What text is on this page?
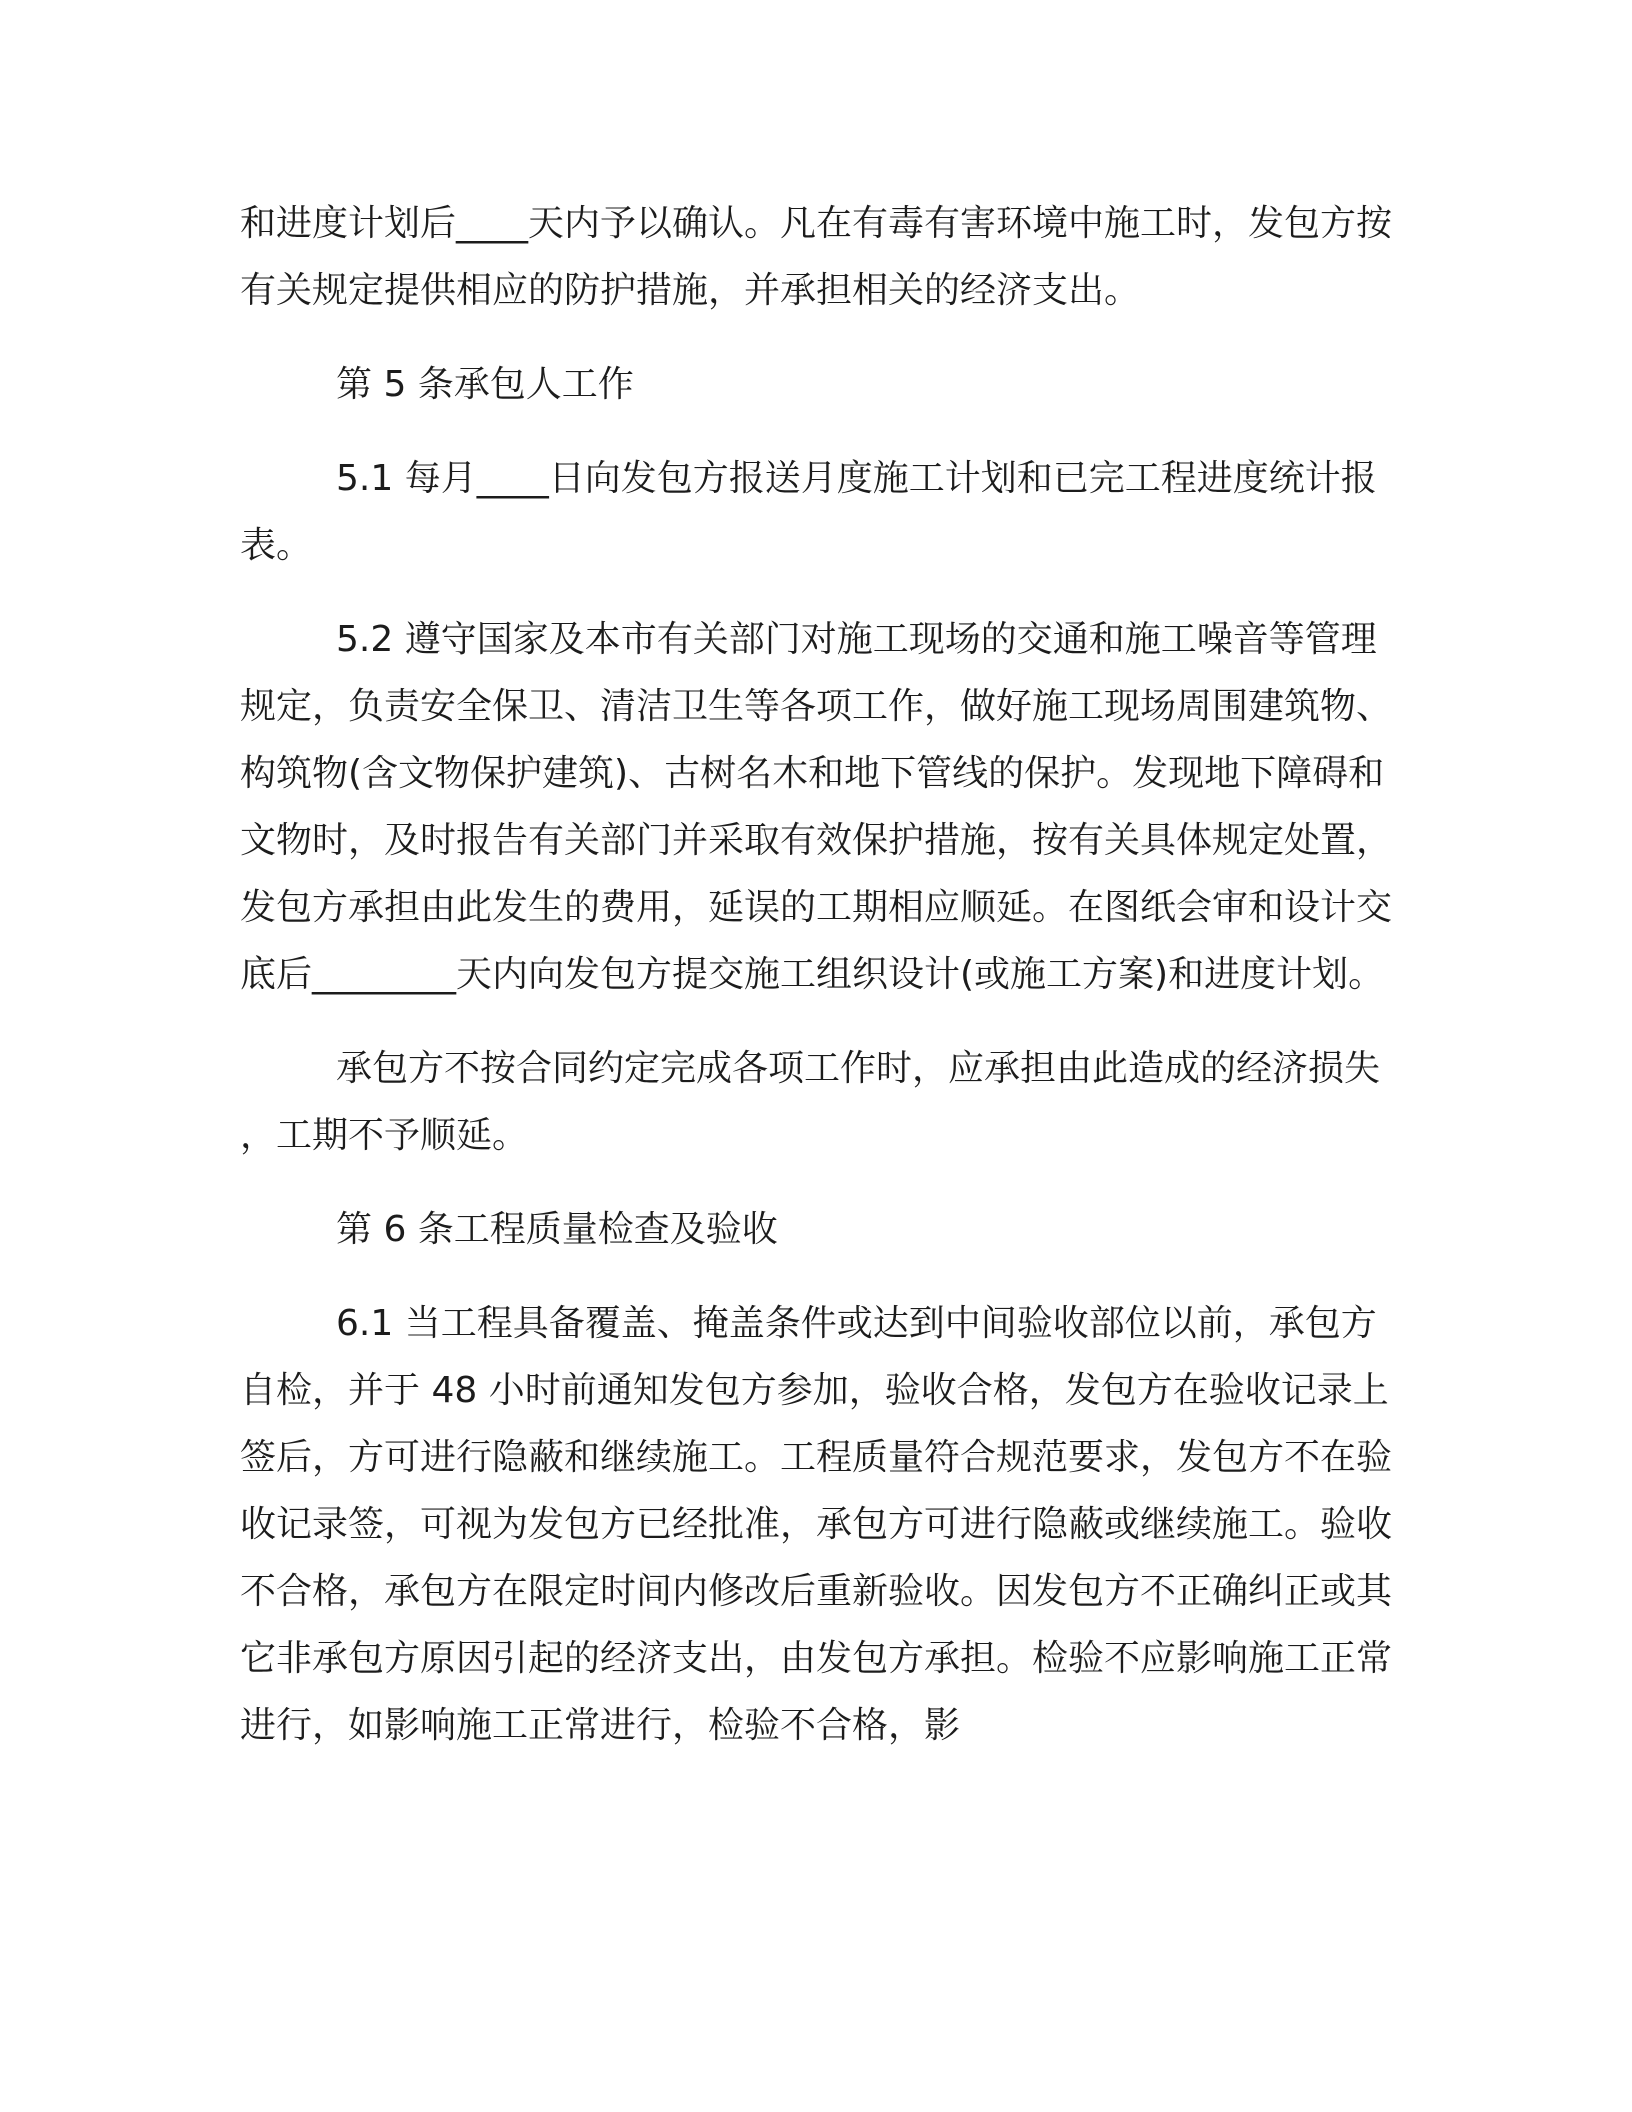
和进度计划后____天内予以确认。凡在有毒有害环境中施工时，发包方按有关规定提供相应的防护措施，并承担相关的经济支出。

第 5 条承包人工作

5.1 每月____日向发包方报送月度施工计划和已完工程进度统计报表。

5.2 遵守国家及本市有关部门对施工现场的交通和施工噪音等管理规定，负责安全保卫、清洁卫生等各项工作，做好施工现场周围建筑物、构筑物(含文物保护建筑)、古树名木和地下管线的保护。发现地下障碍和文物时，及时报告有关部门并采取有效保护措施，按有关具体规定处置，发包方承担由此发生的费用，延误的工期相应顺延。在图纸会审和设计交底后________天内向发包方提交施工组织设计(或施工方案)和进度计划。

承包方不按合同约定完成各项工作时，应承担由此造成的经济损失，工期不予顺延。

第 6 条工程质量检查及验收

6.1 当工程具备覆盖、掩盖条件或达到中间验收部位以前，承包方自检，并于 48 小时前通知发包方参加，验收合格，发包方在验收记录上签后，方可进行隐蔽和继续施工。工程质量符合规范要求，发包方不在验收记录签，可视为发包方已经批准，承包方可进行隐蔽或继续施工。验收不合格，承包方在限定时间内修改后重新验收。因发包方不正确纠正或其它非承包方原因引起的经济支出，由发包方承担。检验不应影响施工正常进行，如影响施工正常进行，检验不合格，影
